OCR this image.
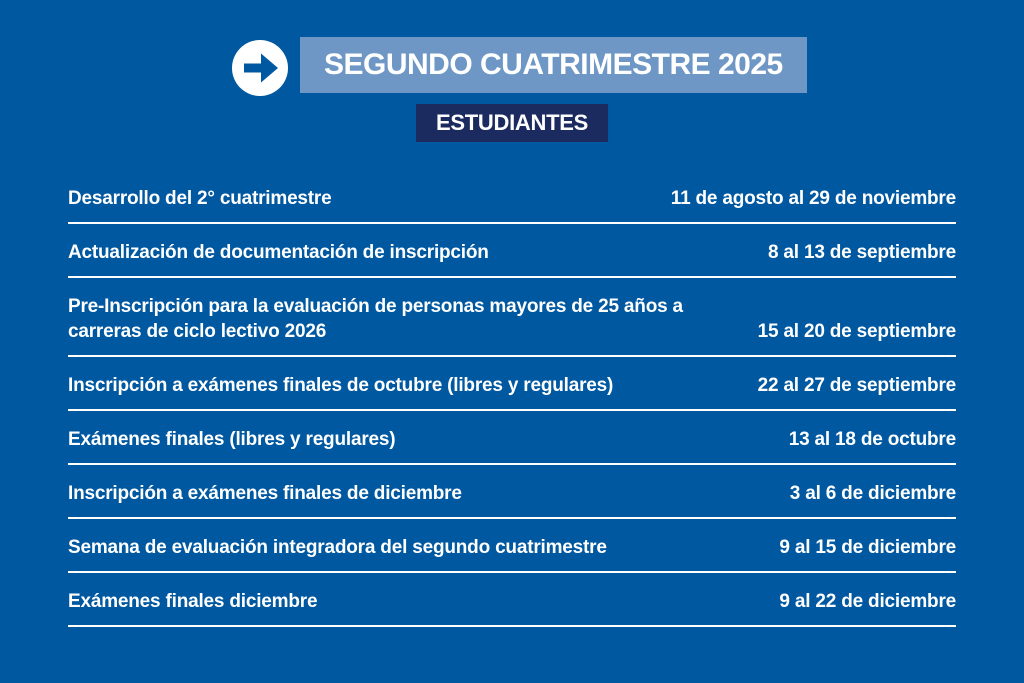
SEGUNDO CUATRIMESTRE 2025
ESTUDIANTES
Desarrollo del 2° cuatrimestre	11 de agosto al 29 de noviembre
Actualización de documentación de inscripción	8 al 13 de septiembre
Pre-Inscripción para la evaluación de personas mayores de 25 años a carreras de ciclo lectivo 2026	15 al 20 de septiembre
Inscripción a exámenes finales de octubre (libres y regulares)	22 al 27 de septiembre
Exámenes finales (libres y regulares)	13 al 18 de octubre
Inscripción a exámenes finales de diciembre	3 al 6 de diciembre
Semana de evaluación integradora del segundo cuatrimestre	9 al 15 de diciembre
Exámenes finales diciembre	9 al 22 de diciembre
